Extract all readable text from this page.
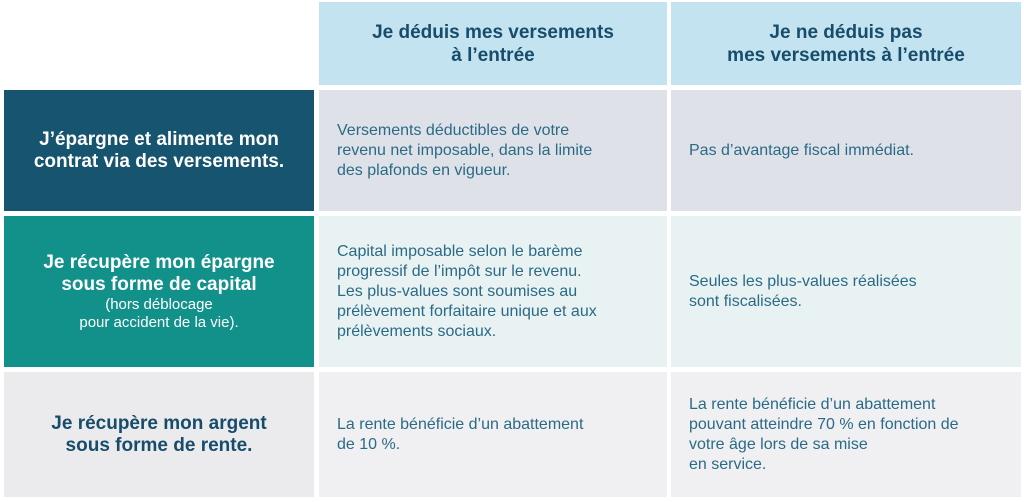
Je déduis mes versements
à l’entrée
Je ne déduis pas
mes versements à l’entrée
J’épargne et alimente mon
contrat via des versements.
Versements déductibles de votre
revenu net imposable, dans la limite
des plafonds en vigueur.
Pas d’avantage fiscal immédiat.
Je récupère mon épargne
sous forme de capital
(hors déblocage
pour accident de la vie).
Capital imposable selon le barème
progressif de l’impôt sur le revenu.
Les plus-values sont soumises au
prélèvement forfaitaire unique et aux
prélèvements sociaux.
Seules les plus-values réalisées
sont fiscalisées.
Je récupère mon argent
sous forme de rente.
La rente bénéficie d’un abattement
de 10 %.
La rente bénéficie d’un abattement
pouvant atteindre 70 % en fonction de
votre âge lors de sa mise
en service.
